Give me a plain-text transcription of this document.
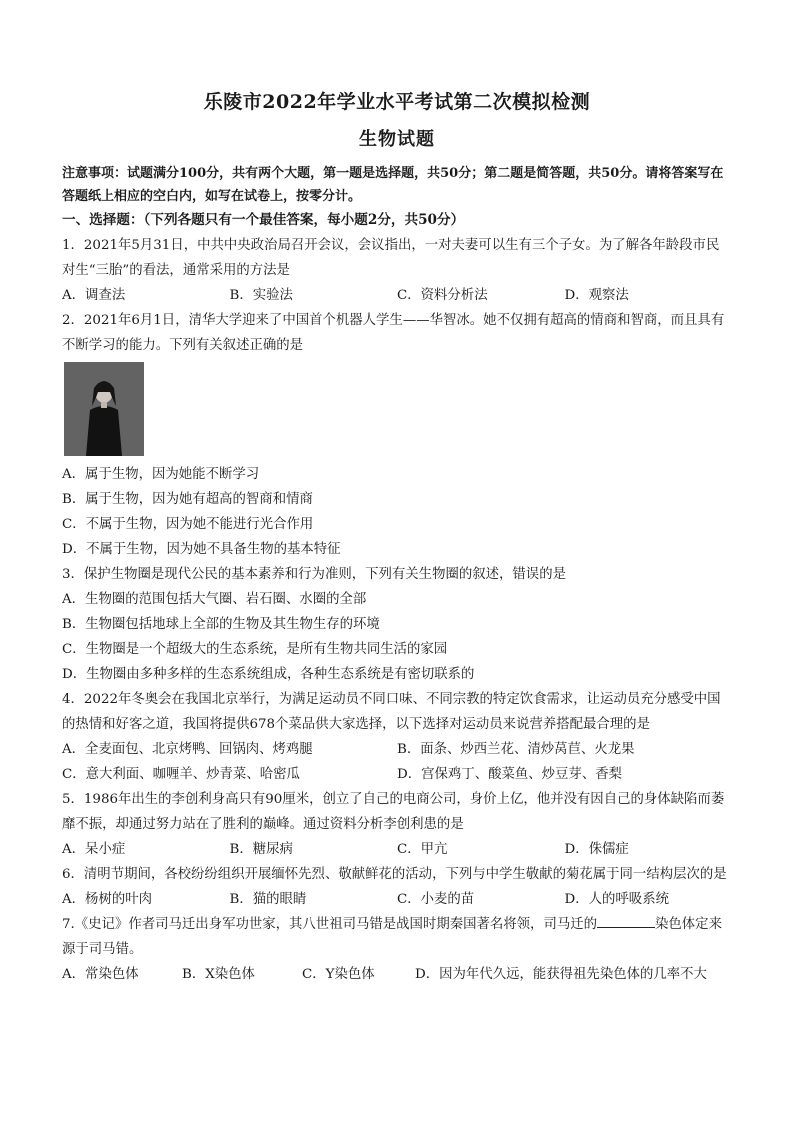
乐陵市2022年学业水平考试第二次模拟检测
生物试题

注意事项：试题满分100分，共有两个大题，第一题是选择题，共50分；第二题是简答题，共50分。请将答案写在答题纸上相应的空白内，如写在试卷上，按零分计。

一、选择题：（下列各题只有一个最佳答案，每小题2分，共50分）

1．2021年5月31日，中共中央政治局召开会议，会议指出，一对夫妻可以生有三个子女。为了解各年龄段市民对生“三胎”的看法，通常采用的方法是

A．调查法	B．实验法	C．资料分析法	D．观察法

2．2021年6月1日，清华大学迎来了中国首个机器人学生——华智冰。她不仅拥有超高的情商和智商，而且具有不断学习的能力。下列有关叙述正确的是

A．属于生物，因为她能不断学习

B．属于生物，因为她有超高的智商和情商

C．不属于生物，因为她不能进行光合作用

D．不属于生物，因为她不具备生物的基本特征

3．保护生物圈是现代公民的基本素养和行为准则，下列有关生物圈的叙述，错误的是

A．生物圈的范围包括大气圈、岩石圈、水圈的全部

B．生物圈包括地球上全部的生物及其生物生存的环境

C．生物圈是一个超级大的生态系统，是所有生物共同生活的家园

D．生物圈由多种多样的生态系统组成，各种生态系统是有密切联系的

4．2022年冬奥会在我国北京举行，为满足运动员不同口味、不同宗教的特定饮食需求，让运动员充分感受中国的热情和好客之道，我国将提供678个菜品供大家选择，以下选择对运动员来说营养搭配最合理的是

A．全麦面包、北京烤鸭、回锅肉、烤鸡腿	B．面条、炒西兰花、清炒莴苣、火龙果
C．意大利面、咖喱羊、炒青菜、哈密瓜	D．宫保鸡丁、酸菜鱼、炒豆芽、香梨

5．1986年出生的李创利身高只有90厘米，创立了自己的电商公司，身价上亿，他并没有因自己的身体缺陷而萎靡不振，却通过努力站在了胜利的巅峰。通过资料分析李创利患的是

A．呆小症	B．糖尿病	C．甲亢	D．侏儒症

6．清明节期间，各校纷纷组织开展缅怀先烈、敬献鲜花的活动，下列与中学生敬献的菊花属于同一结构层次的是

A．杨树的叶肉	B．猫的眼睛	C．小麦的苗	D．人的呼吸系统

7.《史记》作者司马迁出身军功世家，其八世祖司马错是战国时期秦国著名将领，司马迁的	染色体定来源于司马错。

A．常染色体	B．X染色体	C．Y染色体	D．因为年代久远，能获得祖先染色体的几率不大
